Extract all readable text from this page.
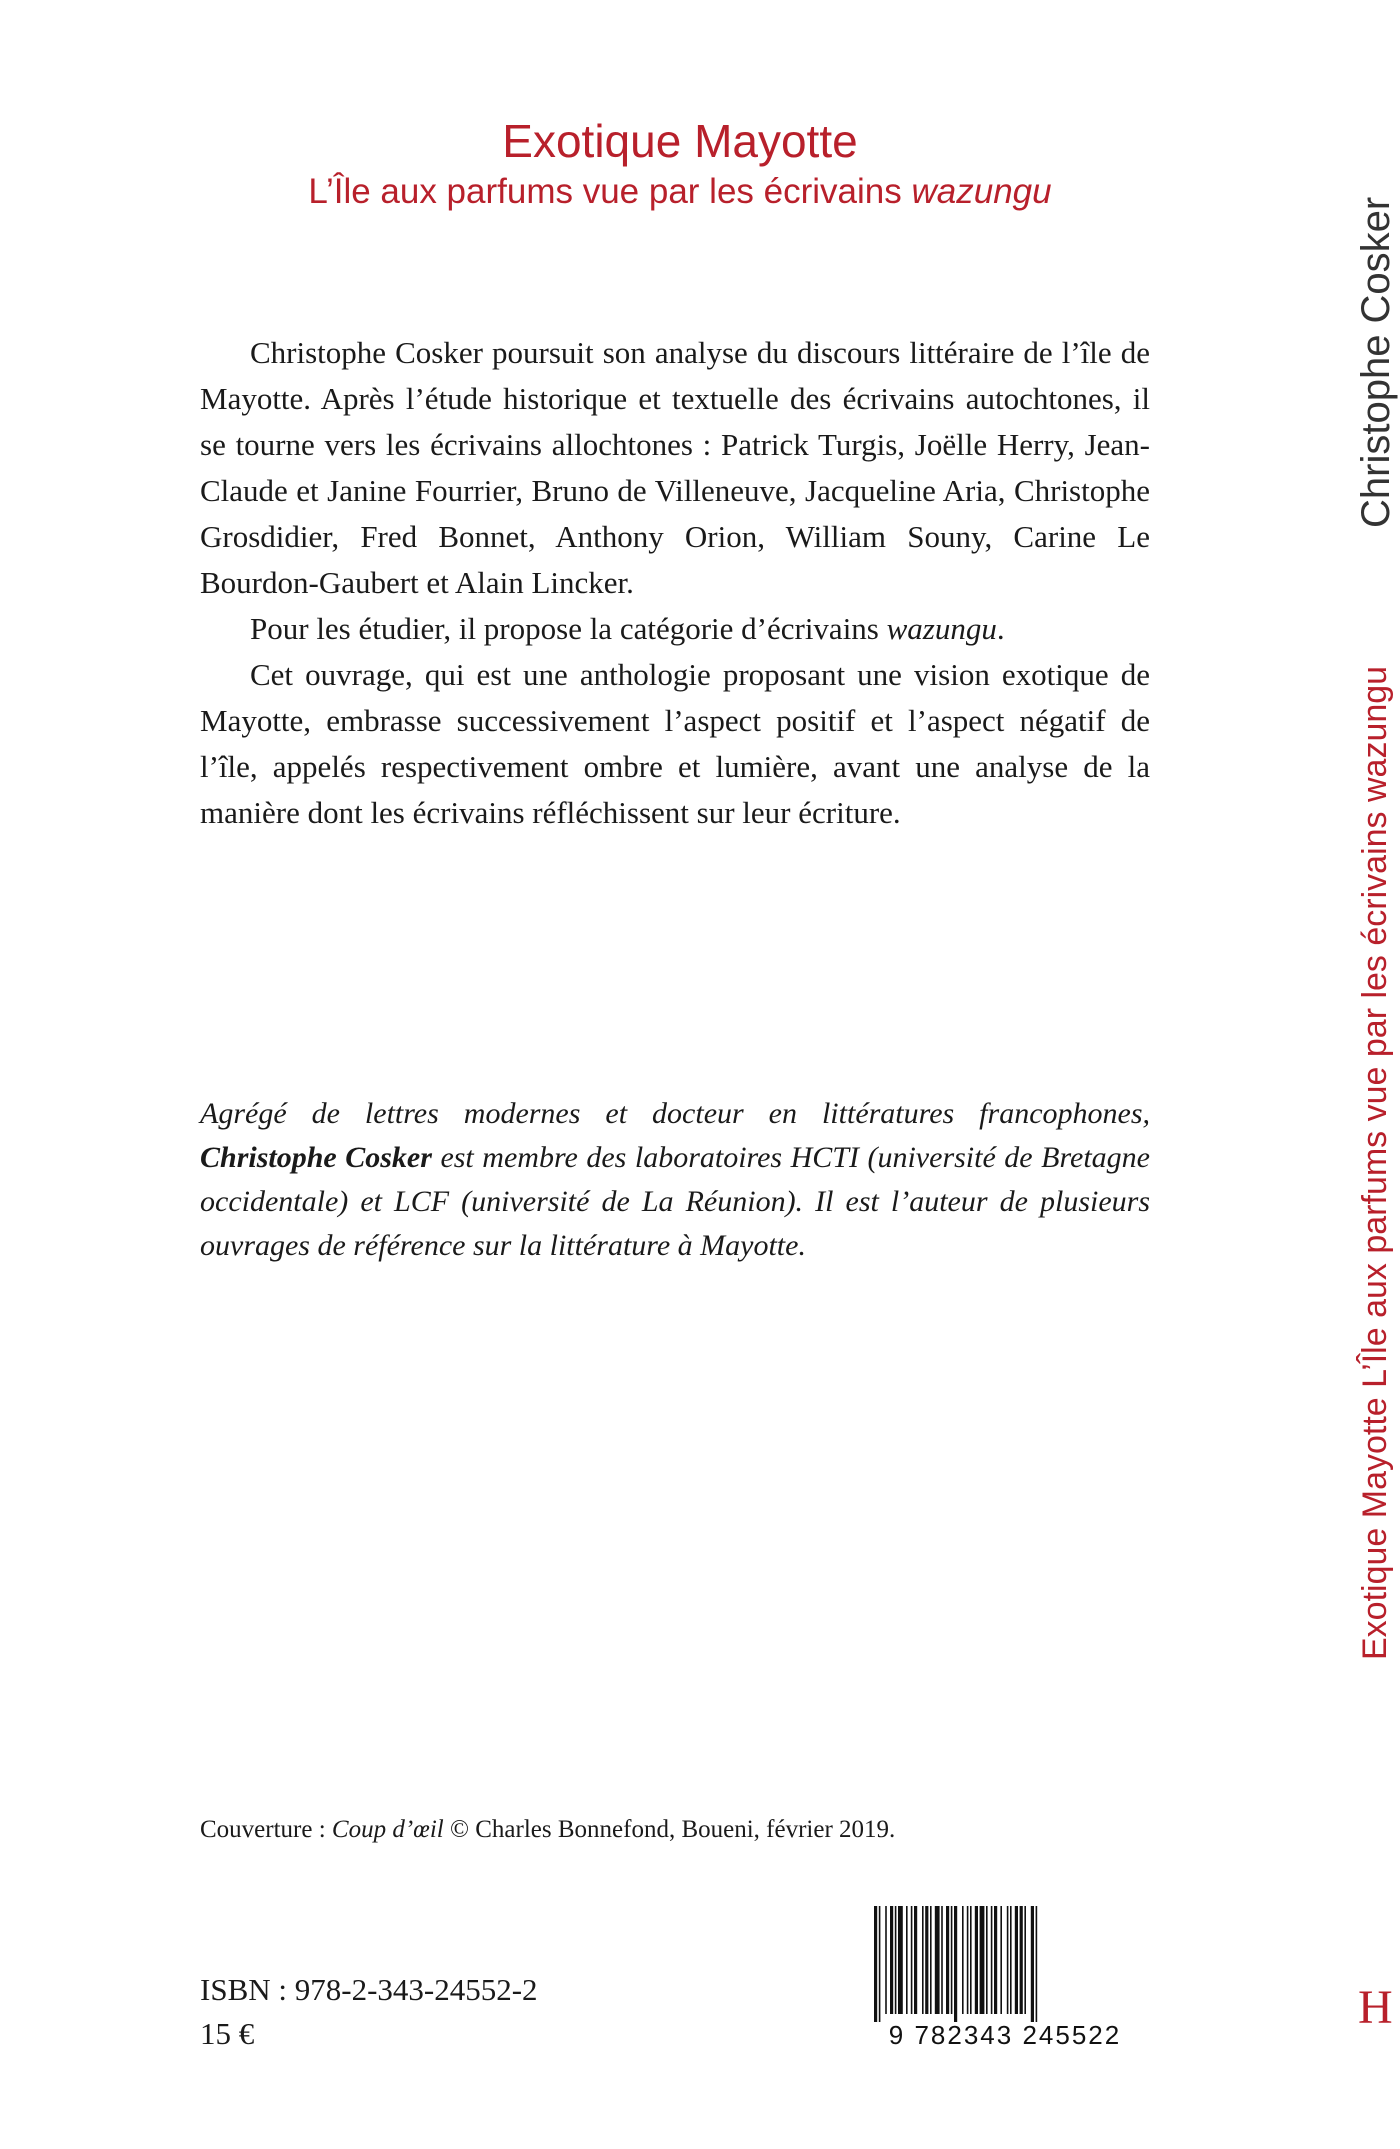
Exotique Mayotte

L’Île aux parfums vue par les écrivains wazungu

Christophe Cosker poursuit son analyse du discours littéraire de l’île de Mayotte. Après l’étude historique et textuelle des écrivains autochtones, il se tourne vers les écrivains allochtones : Patrick Turgis, Joëlle Herry, Jean-Claude et Janine Fourrier, Bruno de Villeneuve, Jacqueline Aria, Christophe Grosdidier, Fred Bonnet, Anthony Orion, William Souny, Carine Le Bourdon-Gaubert et Alain Lincker.

Pour les étudier, il propose la catégorie d’écrivains wazungu.

Cet ouvrage, qui est une anthologie proposant une vision exotique de Mayotte, embrasse successivement l’aspect positif et l’aspect négatif de l’île, appelés respectivement ombre et lumière, avant une analyse de la manière dont les écrivains réfléchissent sur leur écriture.

Agrégé de lettres modernes et docteur en littératures francophones, Christophe Cosker est membre des laboratoires HCTI (université de Bretagne occidentale) et LCF (université de La Réunion). Il est l’auteur de plusieurs ouvrages de référence sur la littérature à Mayotte.

Couverture : Coup d’œil © Charles Bonnefond, Boueni, février 2019.
ISBN : 978-2-343-24552-2
15 €	9 782343 245522
Christophe Cosker
Exotique Mayotte L’Île aux parfums vue par les écrivains wazungu
H
